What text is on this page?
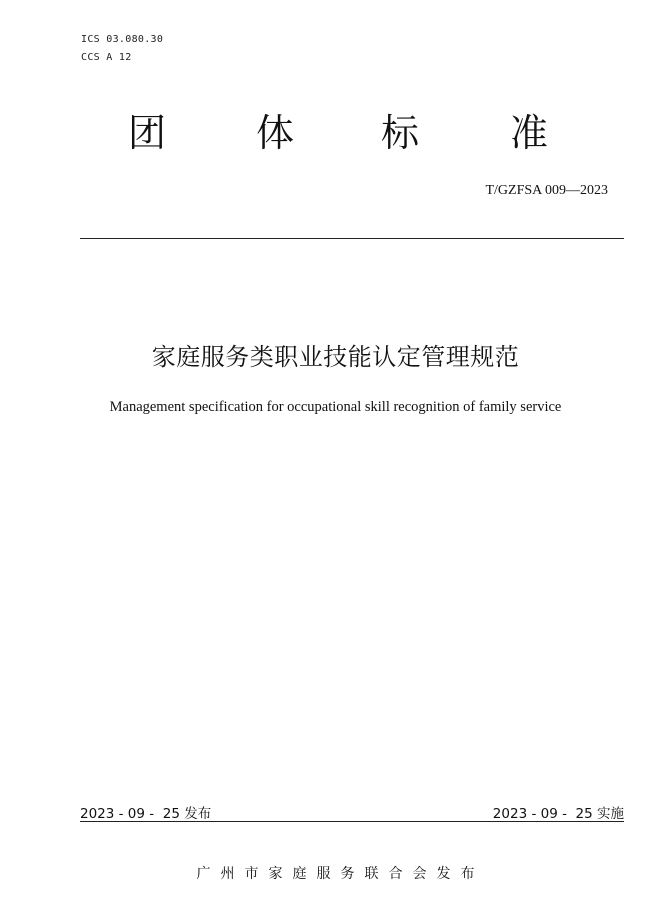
ICS 03.080.30
CCS A 12
团 体 标 准
T/GZFSA 009—2023
家庭服务类职业技能认定管理规范
Management specification for occupational skill recognition of family service
2023 - 09 -  25 发布	2023 - 09 -  25 实施
广州市家庭服务联合会发布
